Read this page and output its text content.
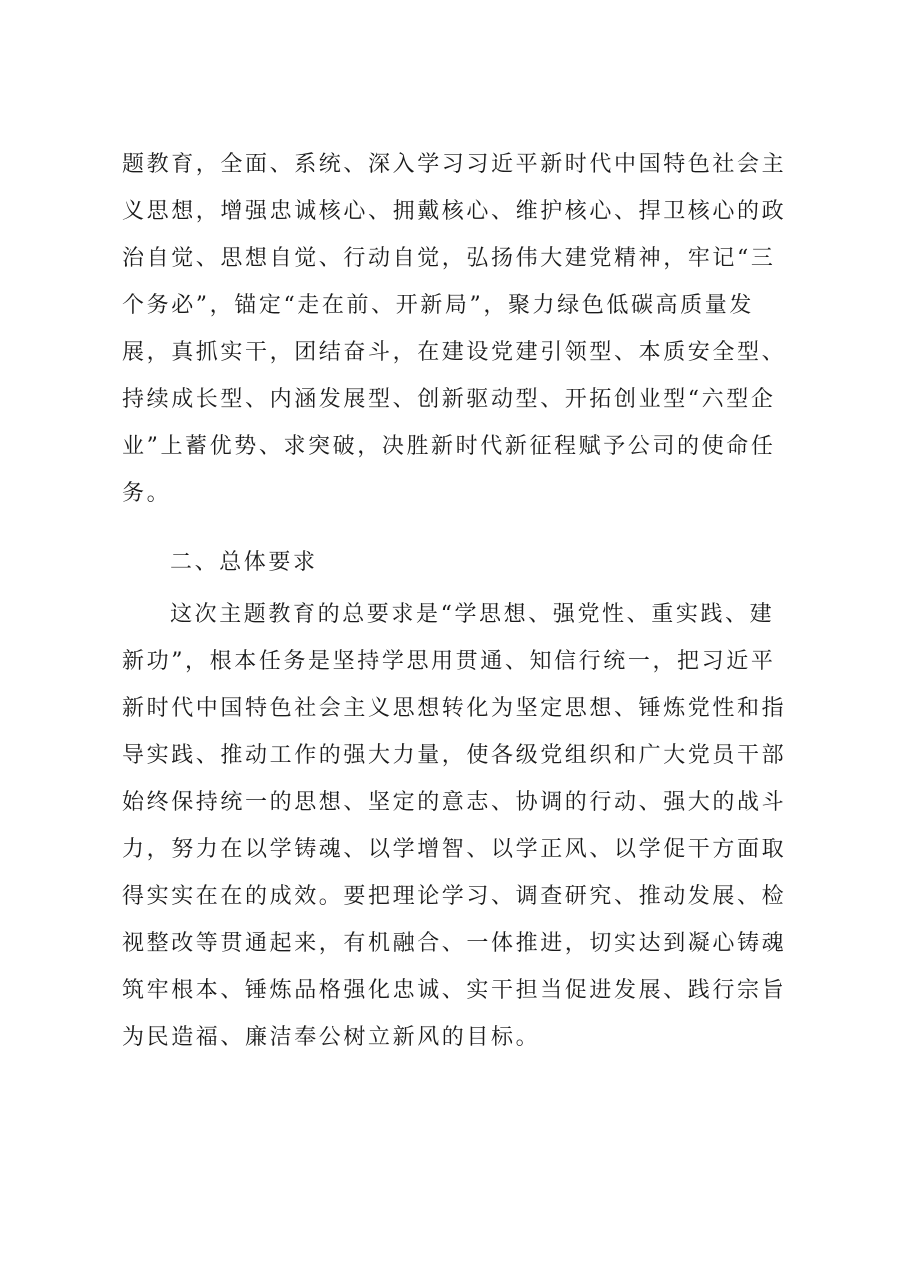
题教育，全面、系统、深入学习习近平新时代中国特色社会主
义思想，增强忠诚核心、拥戴核心、维护核心、捍卫核心的政
治自觉、思想自觉、行动自觉，弘扬伟大建党精神，牢记“三
个务必”，锚定“走在前、开新局”，聚力绿色低碳高质量发
展，真抓实干，团结奋斗，在建设党建引领型、本质安全型、
持续成长型、内涵发展型、创新驱动型、开拓创业型“六型企
业”上蓄优势、求突破，决胜新时代新征程赋予公司的使命任
务。
二、总体要求
这次主题教育的总要求是“学思想、强党性、重实践、建
新功”，根本任务是坚持学思用贯通、知信行统一，把习近平
新时代中国特色社会主义思想转化为坚定思想、锤炼党性和指
导实践、推动工作的强大力量，使各级党组织和广大党员干部
始终保持统一的思想、坚定的意志、协调的行动、强大的战斗
力，努力在以学铸魂、以学增智、以学正风、以学促干方面取
得实实在在的成效。要把理论学习、调查研究、推动发展、检
视整改等贯通起来，有机融合、一体推进，切实达到凝心铸魂
筑牢根本、锤炼品格强化忠诚、实干担当促进发展、践行宗旨
为民造福、廉洁奉公树立新风的目标。
